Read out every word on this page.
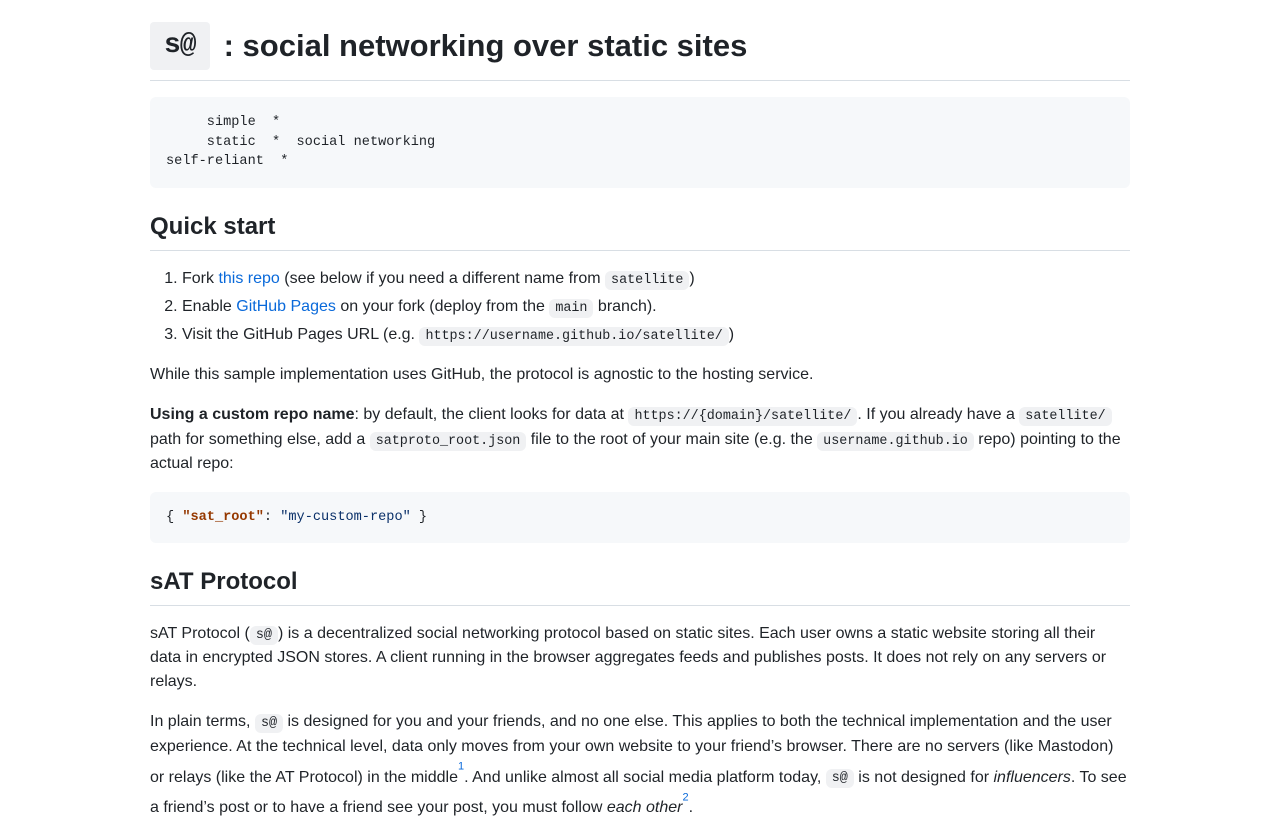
s@ : social networking over static sites
simple  *
static  *  social networking
self-reliant  *
Quick start
1. Fork this repo (see below if you need a different name from satellite )
2. Enable GitHub Pages on your fork (deploy from the main branch).
3. Visit the GitHub Pages URL (e.g. https://username.github.io/satellite/ )

While this sample implementation uses GitHub, the protocol is agnostic to the hosting service.

Using a custom repo name: by default, the client looks for data at https://{domain}/satellite/ . If you already have a satellite/ path for something else, add a satproto_root.json file to the root of your main site (e.g. the username.github.io repo) pointing to the actual repo:

{ "sat_root": "my-custom-repo" }
sAT Protocol

sAT Protocol ( s@ ) is a decentralized social networking protocol based on static sites. Each user owns a static website storing all their data in encrypted JSON stores. A client running in the browser aggregates feeds and publishes posts. It does not rely on any servers or relays.

In plain terms, s@ is designed for you and your friends, and no one else. This applies to both the technical implementation and the user experience. At the technical level, data only moves from your own website to your friend’s browser. There are no servers (like Mastodon) or relays (like the AT Protocol) in the middle$^{^1}$. And unlike almost all social media platform today, s@ is not designed for influencers. To see a friend’s post or to have a friend see your post, you must follow each other$^{^2}$.
